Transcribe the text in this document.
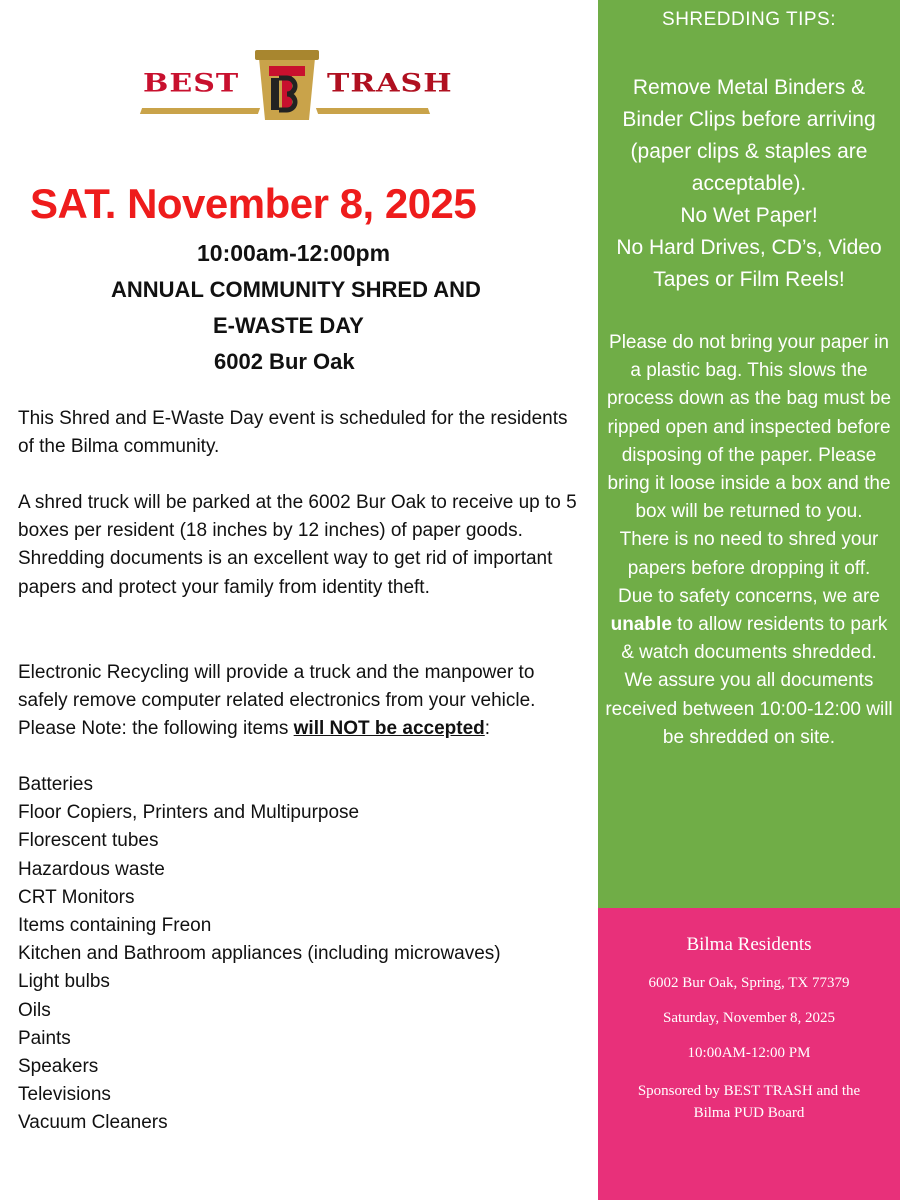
BEST	TRASH
SAT. November 8, 2025
10:00am-12:00pm
ANNUAL COMMUNITY SHRED AND
E-WASTE DAY
6002 Bur Oak
This Shred and E-Waste Day event is scheduled for the residents of the Bilma community.
A shred truck will be parked at the 6002 Bur Oak to receive up to 5 boxes per resident (18 inches by 12 inches) of paper goods. Shredding documents is an excellent way to get rid of important papers and protect your family from identity theft.
Electronic Recycling will provide a truck and the manpower to safely remove computer related electronics from your vehicle.
Please Note: the following items will NOT be accepted:
Batteries
Floor Copiers, Printers and Multipurpose
Florescent tubes
Hazardous waste
CRT Monitors
Items containing Freon
Kitchen and Bathroom appliances (including microwaves)
Light bulbs
Oils
Paints
Speakers
Televisions
Vacuum Cleaners
SHREDDING TIPS:
Remove Metal Binders & Binder Clips before arriving (paper clips & staples are acceptable).
No Wet Paper!
No Hard Drives, CD’s, Video Tapes or Film Reels!
Please do not bring your paper in a plastic bag. This slows the process down as the bag must be ripped open and inspected before disposing of the paper. Please bring it loose inside a box and the box will be returned to you.
There is no need to shred your papers before dropping it off.
Due to safety concerns, we are unable to allow residents to park & watch documents shredded.
We assure you all documents received between 10:00-12:00 will be shredded on site.
Bilma Residents
6002 Bur Oak, Spring, TX 77379
Saturday, November 8, 2025
10:00AM-12:00 PM
Sponsored by BEST TRASH and the Bilma PUD Board
